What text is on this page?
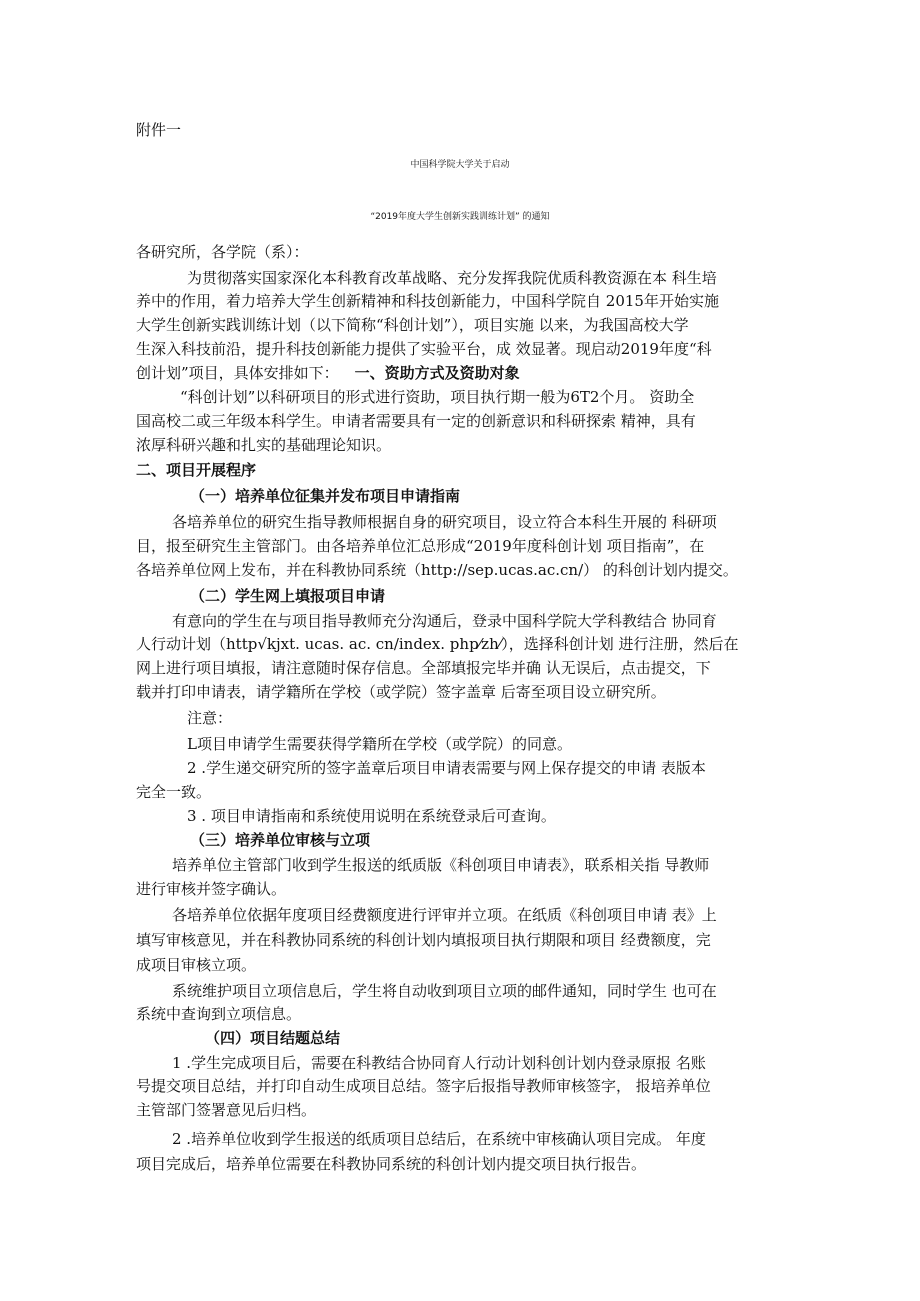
附件一
中国科学院大学关于启动
“2019年度大学生创新实践训练计划” 的通知
各研究所，各学院（系）：
为贯彻落实国家深化本科教育改革战略、充分发挥我院优质科教资源在本 科生培
养中的作用，着力培养大学生创新精神和科技创新能力，中国科学院自 2015年开始实施
大学生创新实践训练计划（以下简称“科创计划”），项目实施 以来，为我国高校大学
生深入科技前沿，提升科技创新能力提供了实验平台，成 效显著。现启动2019年度“科
创计划”项目，具体安排如下： 一、资助方式及资助对象
“科创计划”以科研项目的形式进行资助，项目执行期一般为6T2个月。 资助全
国高校二或三年级本科学生。申请者需要具有一定的创新意识和科研探索 精神，具有
浓厚科研兴趣和扎实的基础理论知识。
二、项目开展程序
（一）培养单位征集并发布项目申请指南
各培养单位的研究生指导教师根据自身的研究项目，设立符合本科生开展的 科研项
目，报至研究生主管部门。由各培养单位汇总形成“2019年度科创计划 项目指南”，在
各培养单位网上发布，并在科教协同系统（http://sep.ucas.ac.cn/） 的科创计划内提交。
（二）学生网上填报项目申请
有意向的学生在与项目指导教师充分沟通后，登录中国科学院大学科教结合 协同育
人行动计划（http√kjxt. ucas. ac. cn/index. php⁄zh⁄），选择科创计划 进行注册，然后在
网上进行项目填报，请注意随时保存信息。全部填报完毕并确 认无误后，点击提交，下
载并打印申请表，请学籍所在学校（或学院）签字盖章 后寄至项目设立研究所。
注意：
L项目申请学生需要获得学籍所在学校（或学院）的同意。
2 .学生递交研究所的签字盖章后项目申请表需要与网上保存提交的申请 表版本
完全一致。
3 . 项目申请指南和系统使用说明在系统登录后可查询。
（三）培养单位审核与立项
培养单位主管部门收到学生报送的纸质版《科创项目申请表》，联系相关指 导教师
进行审核并签字确认。
各培养单位依据年度项目经费额度进行评审并立项。在纸质《科创项目申请 表》上
填写审核意见，并在科教协同系统的科创计划内填报项目执行期限和项目 经费额度，完
成项目审核立项。
系统维护项目立项信息后，学生将自动收到项目立项的邮件通知，同时学生 也可在
系统中查询到立项信息。
（四）项目结题总结
1 .学生完成项目后，需要在科教结合协同育人行动计划科创计划内登录原报 名账
号提交项目总结，并打印自动生成项目总结。签字后报指导教师审核签字， 报培养单位
主管部门签署意见后归档。
2 .培养单位收到学生报送的纸质项目总结后，在系统中审核确认项目完成。 年度
项目完成后，培养单位需要在科教协同系统的科创计划内提交项目执行报告。
